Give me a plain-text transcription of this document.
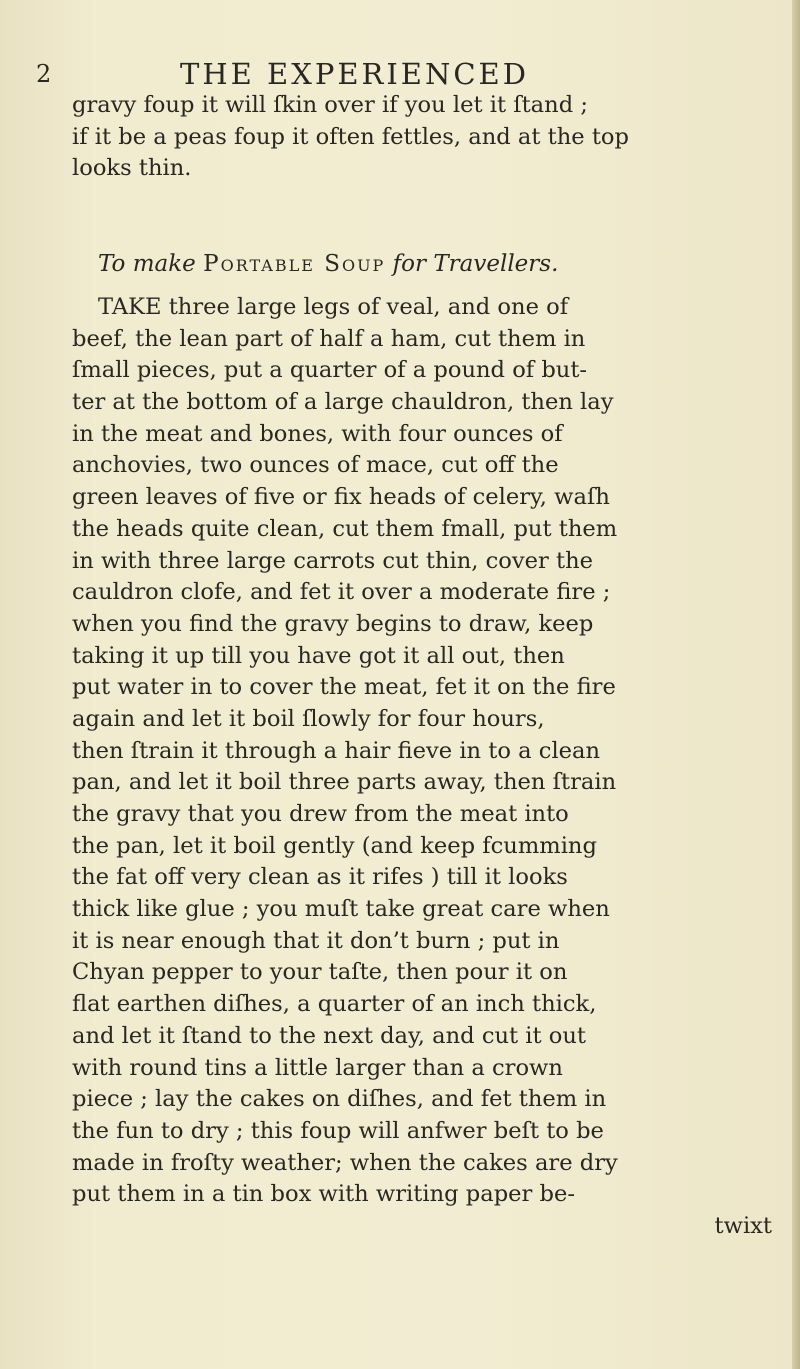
2	THE EXPERIENCED
gravy foup it will ſkin over if you let it ſtand ;
if it be a peas foup it often fettles, and at the top
looks thin.
To make Portable Soup for Travellers.
TAKE three large legs of veal, and one of
beef, the lean part of half a ham, cut them in
ſmall pieces, put a quarter of a pound of but-
ter at the bottom of a large chauldron, then lay
in the meat and bones, with four ounces of
anchovies, two ounces of mace, cut off the
green leaves of five or fix heads of celery, waſh
the heads quite clean, cut them fmall, put them
in with three large carrots cut thin, cover the
cauldron clofe, and fet it over a moderate fire ;
when you find the gravy begins to draw, keep
taking it up till you have got it all out, then
put water in to cover the meat, fet it on the fire
again and let it boil ſlowly for four hours,
then ſtrain it through a hair fieve in to a clean
pan, and let it boil three parts away, then ſtrain
the gravy that you drew from the meat into
the pan, let it boil gently (and keep fcumming
the fat off very clean as it rifes ) till it looks
thick like glue ; you muſt take great care when
it is near enough that it don’t burn ; put in
Chyan pepper to your taſte, then pour it on
flat earthen diſhes, a quarter of an inch thick,
and let it ſtand to the next day, and cut it out
with round tins a little larger than a crown
piece ; lay the cakes on diſhes, and fet them in
the fun to dry ; this foup will anfwer beſt to be
made in froſty weather; when the cakes are dry
put them in a tin box with writing paper be-
twixt
